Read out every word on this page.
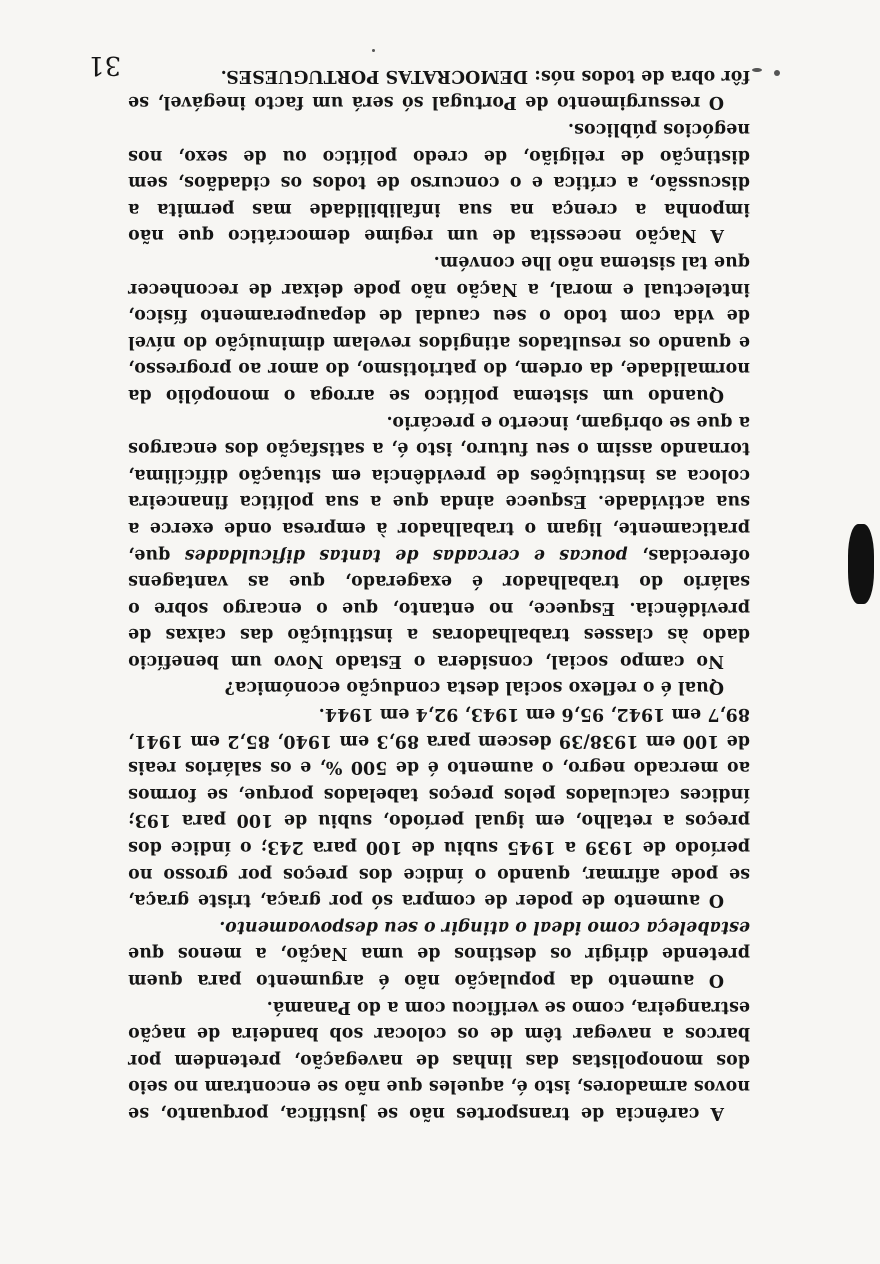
A carência de transportes não se justifica, porquanto, se novos armadores, isto é, aqueles que não se encontram no seio dos monopolistas das linhas de navegação, pretendem por barcos a navegar têm de os colocar sob bandeira de nação estrangeira, como se verificou com a do Panamá.

O aumento da população não é argumento para quem pretende dirigir os destinos de uma Nação, a menos que estabeleça como ideal o atingir o seu despovoamento.

O aumento de poder de compra só por graça, triste graça, se pode afirmar, quando o índice dos preços por grosso no período de 1939 a 1945 subiu de 100 para 243; o índice dos preços a retalho, em igual período, subiu de 100 para 193; índices calculados pelos preços tabelados porque, se formos ao mercado negro, o aumento é de 500 %, e os salários reais de 100 em 1938/39 descem para 89,3 em 1940, 85,2 em 1941, 89,7 em 1942, 95,6 em 1943, 92,4 em 1944.

Qual é o reflexo social desta condução económica?

No campo social, considera o Estado Novo um benefício dado às classes trabalhadoras a instituição das caixas de previdência. Esquece, no entanto, que o encargo sobre o salário do trabalhador é exagerado, que as vantagens oferecidas, poucas e cercadas de tantas dificuldades que, praticamente, ligam o trabalhador à empresa onde exerce a sua actividade. Esquece ainda que a sua política financeira coloca as instituições de previdência em situação difícílima, tornando assim o seu futuro, isto é, a satisfação dos encargos a que se obrigam, incerto e precário.

Quando um sistema político se arroga o monopólio da normalidade, da ordem, do patriotismo, do amor ao progresso, e quando os resultados atingidos revelam diminuição do nível de vida com todo o seu caudal de depauperamento físico, intelectual e moral, a Nação não pode deixar de reconhecer que tal sistema não lhe convém.

A Nação necessita de um regime democrático que não imponha a crença na sua infalibilidade mas permita a discussão, a crítica e o concurso de todos os cidadãos, sem distinção de religião, de credo político ou de sexo, nos negócios públicos.

O ressurgimento de Portugal só será um facto inegável, se fôr obra de todos nós: DEMOCRATAS PORTUGUESES.

31
